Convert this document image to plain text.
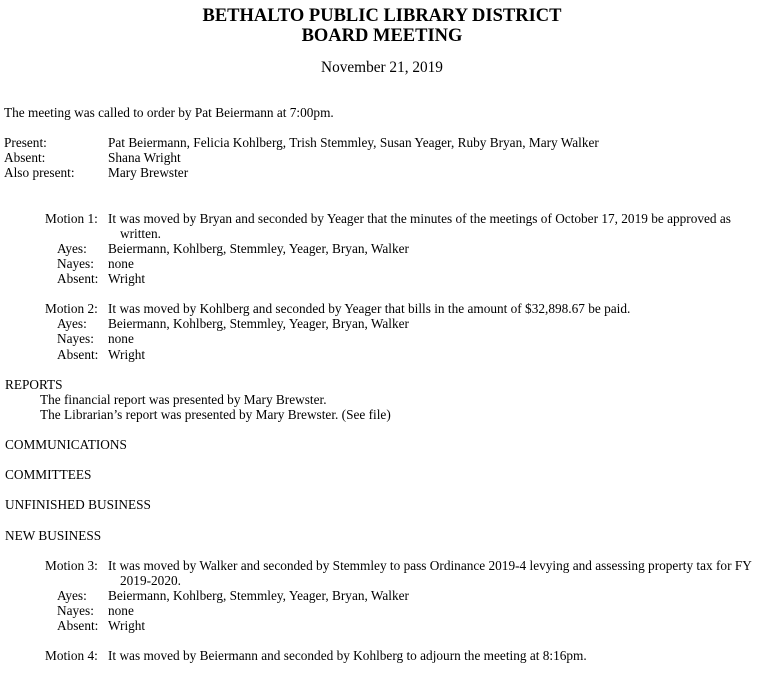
BETHALTO PUBLIC LIBRARY DISTRICT
BOARD MEETING
November 21, 2019
The meeting was called to order by Pat Beiermann at 7:00pm.
Present:	Pat Beiermann, Felicia Kohlberg, Trish Stemmley, Susan Yeager, Ruby Bryan, Mary Walker
Absent:	Shana Wright
Also present:	Mary Brewster
Motion 1: It was moved by Bryan and seconded by Yeager that the minutes of the meetings of October 17, 2019 be approved as written.
Ayes: Beiermann, Kohlberg, Stemmley, Yeager, Bryan, Walker
Nayes: none
Absent: Wright
Motion 2: It was moved by Kohlberg and seconded by Yeager that bills in the amount of $32,898.67 be paid.
Ayes: Beiermann, Kohlberg, Stemmley, Yeager, Bryan, Walker
Nayes: none
Absent: Wright
REPORTS
The financial report was presented by Mary Brewster.
The Librarian’s report was presented by Mary Brewster. (See file)
COMMUNICATIONS
COMMITTEES
UNFINISHED BUSINESS
NEW BUSINESS
Motion 3: It was moved by Walker and seconded by Stemmley to pass Ordinance 2019-4 levying and assessing property tax for FY 2019-2020.
Ayes: Beiermann, Kohlberg, Stemmley, Yeager, Bryan, Walker
Nayes: none
Absent: Wright
Motion 4: It was moved by Beiermann and seconded by Kohlberg to adjourn the meeting at 8:16pm.
